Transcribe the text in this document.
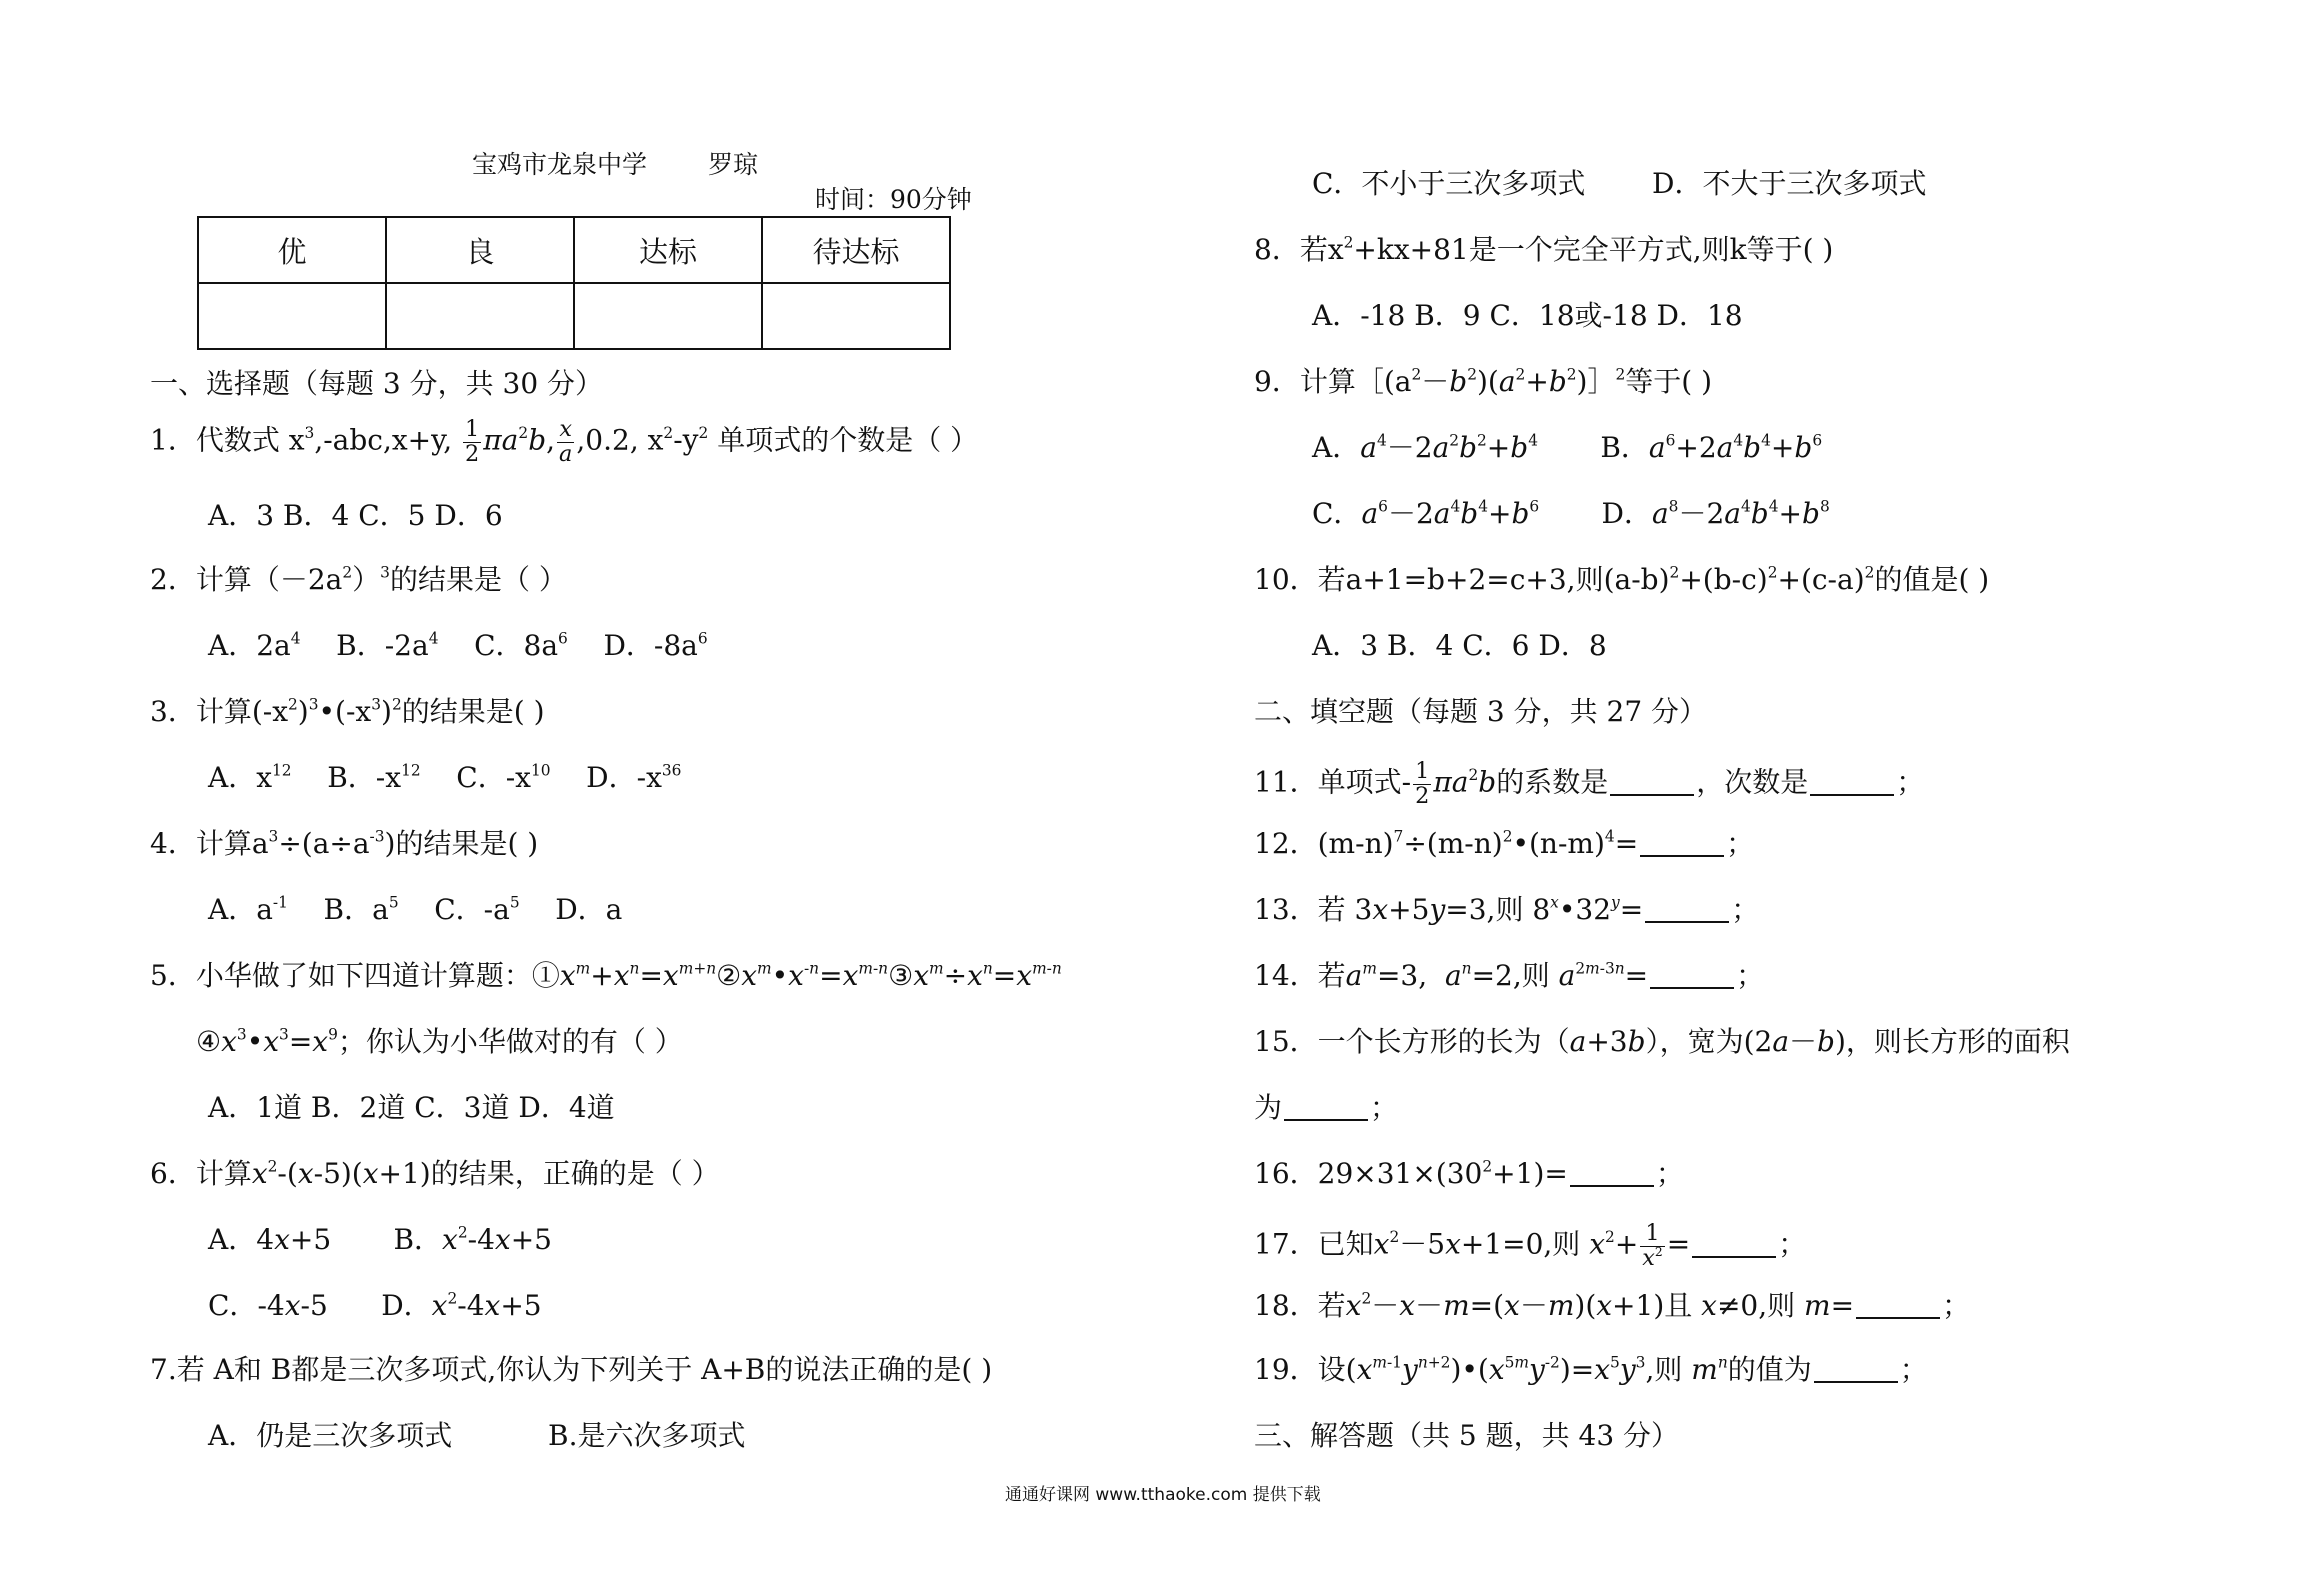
宝鸡市龙泉中学 罗琼
时间：90分钟
优	良	达标	待达标

一、选择题（每题 3 分，共 30 分）
1．代数式 $x^3,-abc,x+y$, $\frac{1}{2} \pi a^2b$, $\frac{x}{a} ,0.2$, $x^2-y^2$ 单项式的个数是（ ）
A．3 B．4 C．5 D．6
2．计算$(-2a^2)^3$的结果是（ ）
A．$2a^4$ B．$-2a^4$ C．$8a^6$ D．$-8a^6$
3．计算$(-x^2)^3•(-x^3)^2$的结果是( )
A．$x^{12}$ B．$-x^{12}$ C．$-x^{10}$ D．$-x^{36}$
4．计算$a^3\div(a\div a^{-3})$的结果是( )
A．$a^{-1}$ B．$a^5$ C．$-a^5$ D．a
5．小华做了如下四道计算题：$①x^m+x^n=x^{m+n}②x^m•x^{-n}=x^{m-n}③x^m\div x^n=x^{m-n}$
$④x^3•x^3=x^9$；你认为小华做对的有（ ）
A．1道 B．2道 C．3道 D．4道
6．计算$x^2-(x-5)(x+1)$的结果，正确的是（ ）
A．4x+5       B．$x^2-4x+5$
C．-4x-5      D．$x^2-4x+5$
7.若 A和 B都是三次多项式,你认为下列关于 A+B的说法正确的是( )
A．仍是三次多项式	B.是六次多项式
C．不小于三次多项式 D．不大于三次多项式
8．若$x^2+kx+81$是一个完全平方式,则k等于( )
A．-18 B．9 C．18或-18 D．18
9．计算$[(a^2-b^2)(a^2+b^2)]^2$等于( )
A．$a^4-2a^2b^2+b^4$ B．$a^6+2a^4b^4+b^6$
C．$a^6-2a^4b^4+b^6$ D．$a^8-2a^4b^4+b^8$
10．若a+1=b+2=c+3,则$(a-b)^2+(b-c)^2+(c-a)^2$的值是( )
A．3 B．4 C．6 D．8
二、填空题（每题 3 分，共 27 分）
11．单项式- $\frac{1}{2} \pi a^2b$的系数是	，次数是	；
12．$(m-n)^7\div(m-n)^2•(n-m)^4=$	；
13．若 3x+5y=3,则 $8^x•32^y=$	；
14．若$a^m=3$,  $a^n=2$,则 $a^{2m-3n}=$	；
15．一个长方形的长为（a+3b），宽为(2a－b)，则长方形的面积
为	；
16．$29\times 31\times(30^2+1)=$	；
17．已知$x^2-5x+1=0$,则 $x^2+ \frac{1}{x^2}$ =	；
18．若$x^2-x-m=(x-m)(x+1)$且 x≠0,则 m=	；
19．设$(x^{m-1}y^{n+2})•(x^{5m}y^{-2})=x^5y^3$,则 $m^n$的值为	；
三、解答题（共 5 题，共 43 分）
通通好课网 www.tthaoke.com 提供下载
